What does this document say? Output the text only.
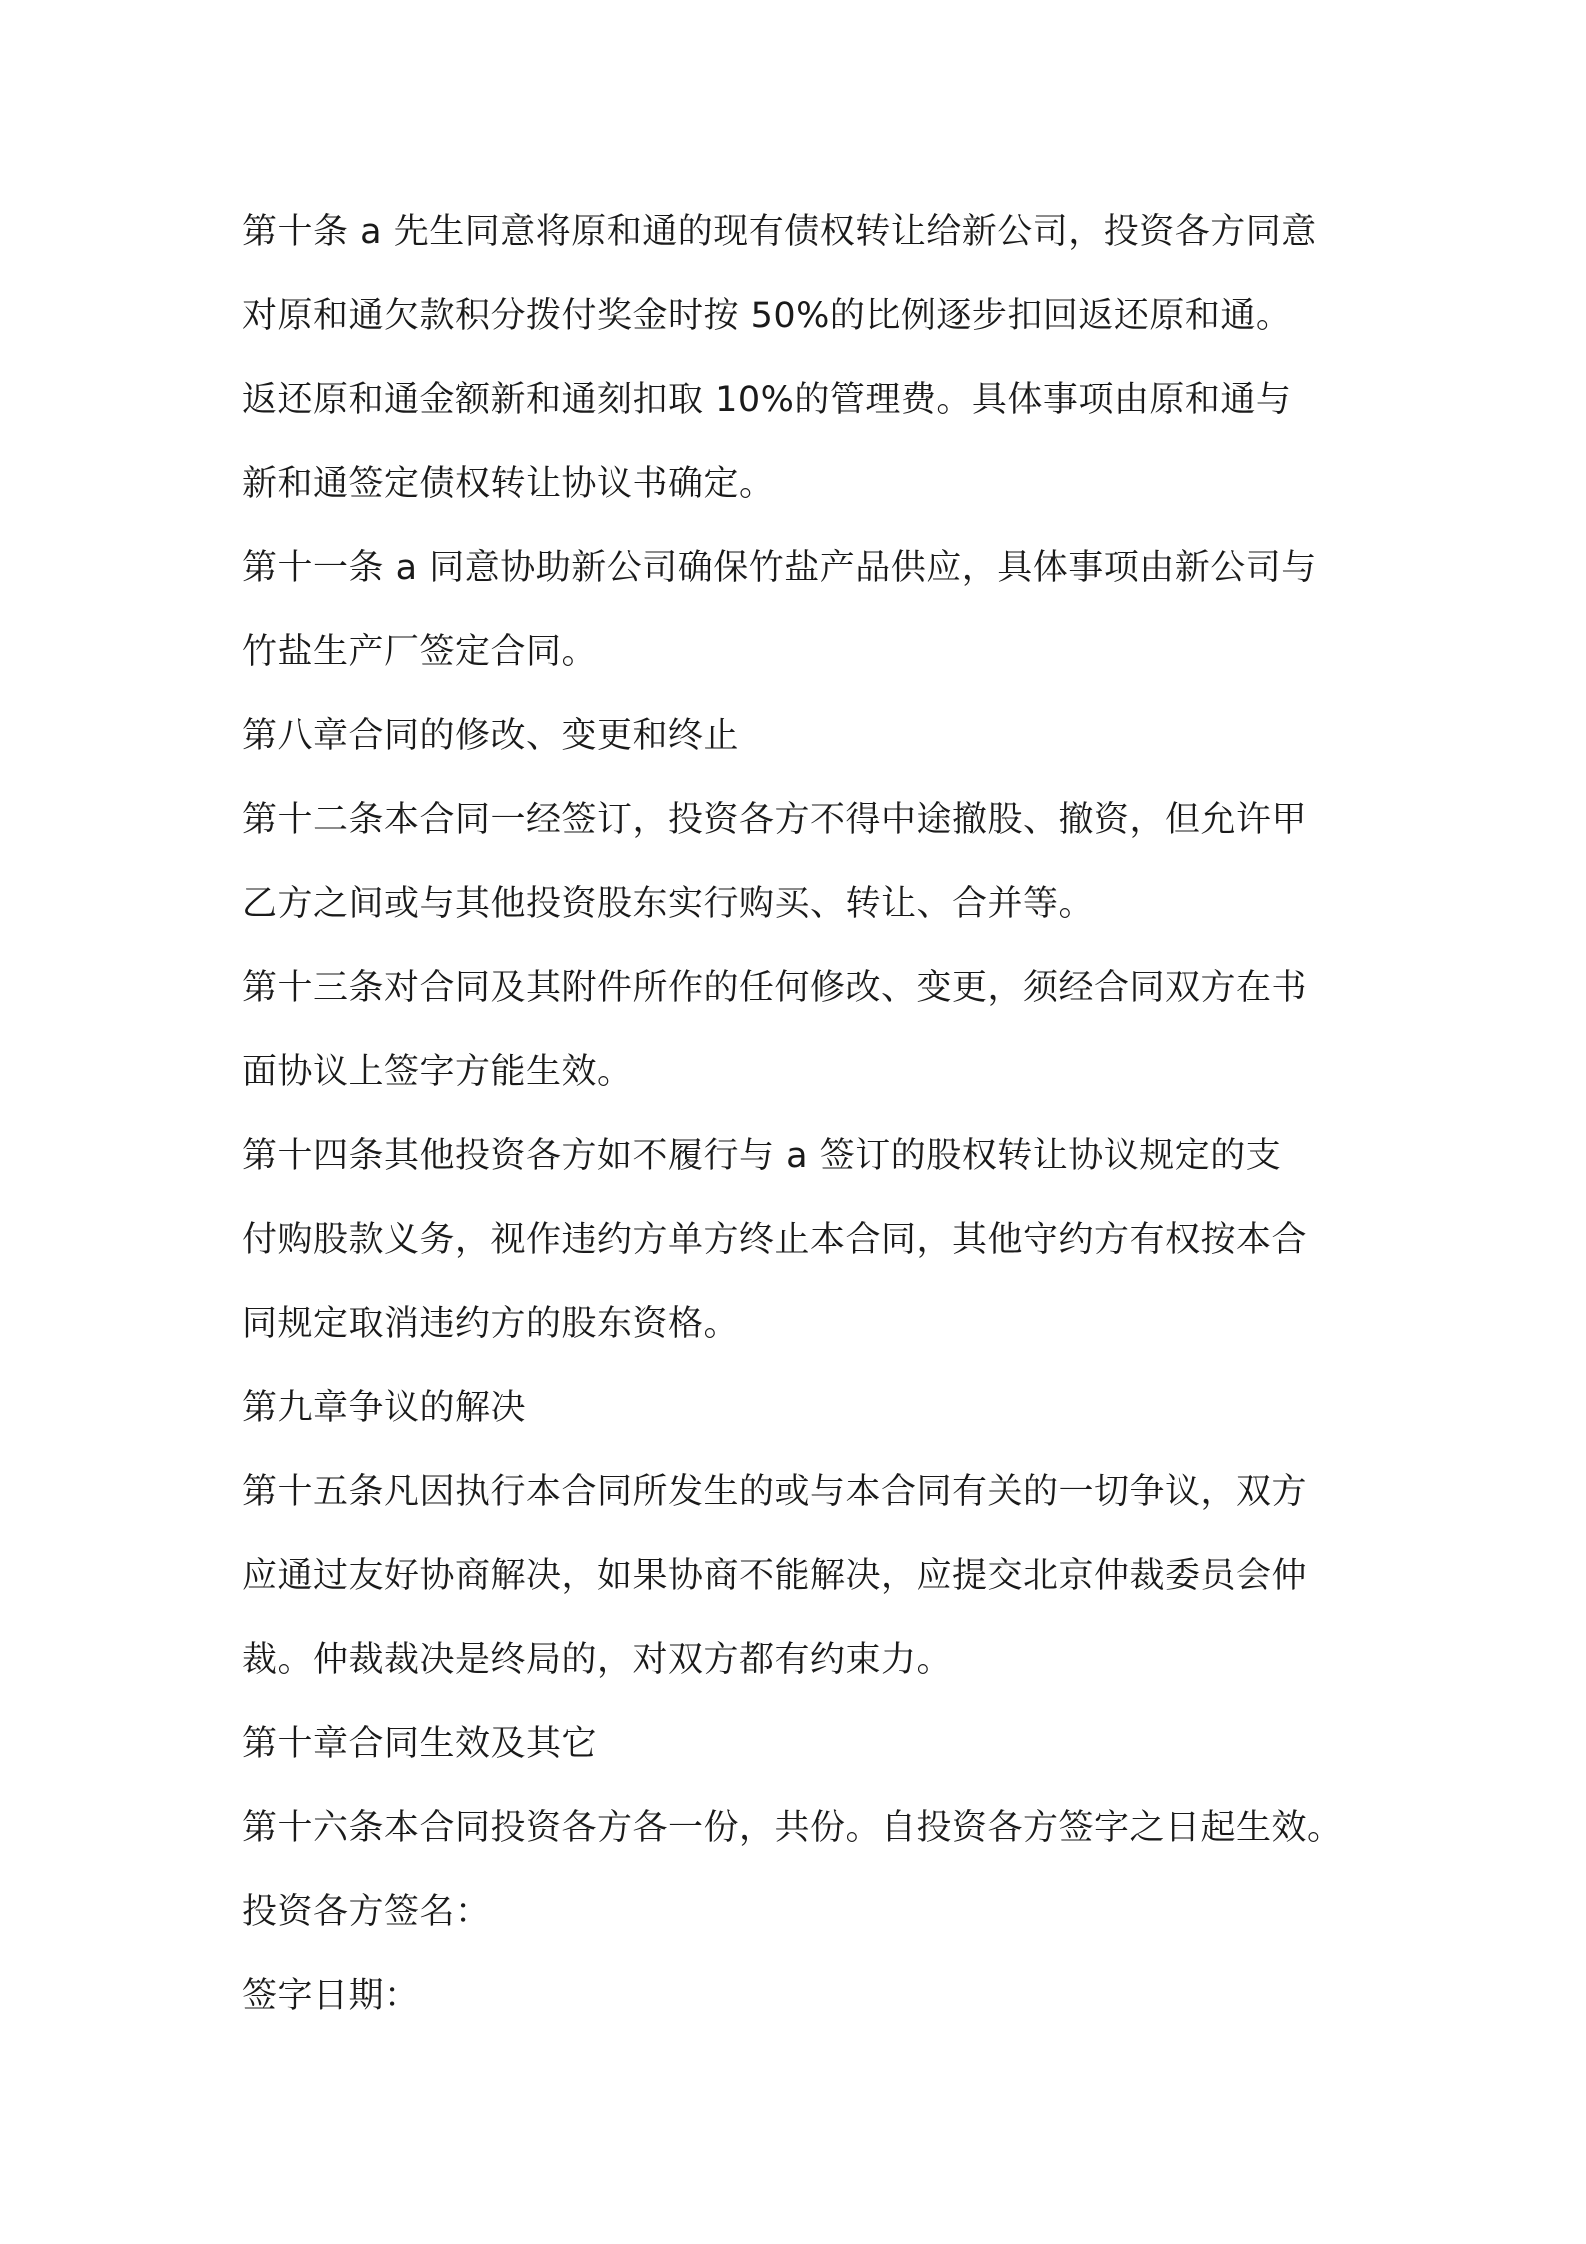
第十条 a 先生同意将原和通的现有债权转让给新公司，投资各方同意
对原和通欠款积分拨付奖金时按 50%的比例逐步扣回返还原和通。
返还原和通金额新和通刻扣取 10%的管理费。具体事项由原和通与
新和通签定债权转让协议书确定。
第十一条 a 同意协助新公司确保竹盐产品供应，具体事项由新公司与
竹盐生产厂签定合同。
第八章合同的修改、变更和终止
第十二条本合同一经签订，投资各方不得中途撤股、撤资，但允许甲
乙方之间或与其他投资股东实行购买、转让、合并等。
第十三条对合同及其附件所作的任何修改、变更，须经合同双方在书
面协议上签字方能生效。
第十四条其他投资各方如不履行与 a 签订的股权转让协议规定的支
付购股款义务，视作违约方单方终止本合同，其他守约方有权按本合
同规定取消违约方的股东资格。
第九章争议的解决
第十五条凡因执行本合同所发生的或与本合同有关的一切争议，双方
应通过友好协商解决，如果协商不能解决，应提交北京仲裁委员会仲
裁。仲裁裁决是终局的，对双方都有约束力。
第十章合同生效及其它
第十六条本合同投资各方各一份，共份。自投资各方签字之日起生效。
投资各方签名：
签字日期：
